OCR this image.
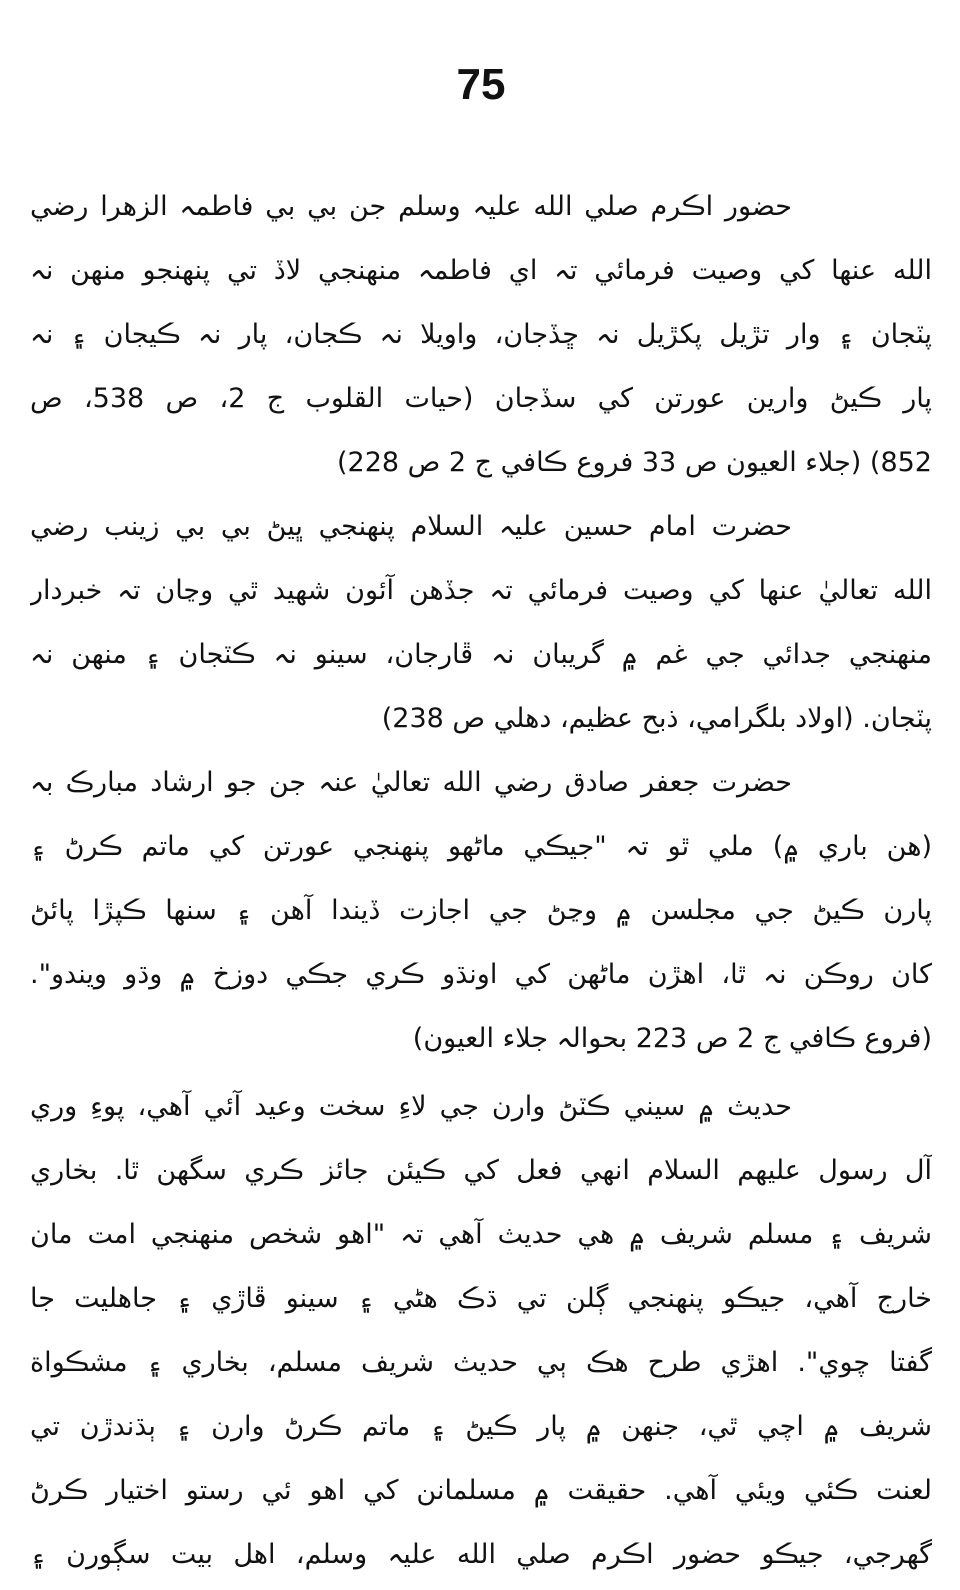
75
حضور اڪرم صلي الله عليہ وسلم جن بي بي فاطمہ الزهرا رضي
الله عنها کي وصيت فرمائي تہ اي فاطمہ منهنجي لاڏ تي پنهنجو منهن نہ
پٽجان ۽ وار تڙيل پکڙيل نہ ڇڏجان، واويلا نہ ڪجان، پار نہ ڪيجان ۽ نہ
پار ڪيڻ وارين عورتن کي سڏجان (حيات القلوب ج 2، ص 538، ص
852) (جلاء العيون ص 33 فروع ڪافي ج 2 ص 228)
حضرت امام حسين عليہ السلام پنهنجي ڀيڻ بي بي زينب رضي
الله تعاليٰ عنها کي وصيت فرمائي تہ جڏهن آئون شهيد ٿي وڃان تہ خبردار
منهنجي جدائي جي غم ۾ گريبان نہ ڦارجان، سينو نہ ڪٽجان ۽ منهن نہ
پٽجان. (اولاد بلگرامي، ذبح عظيم، دهلي ص 238)
حضرت جعفر صادق رضي الله تعاليٰ عنہ جن جو ارشاد مبارڪ بہ
(هن باري ۾) ملي ٿو تہ "جيڪي ماڻهو پنهنجي عورتن کي ماتم ڪرڻ ۽
پارن ڪيڻ جي مجلسن ۾ وڃڻ جي اجازت ڏيندا آهن ۽ سنها ڪپڙا پائڻ
کان روڪن نہ ٿا، اهڙن ماڻهن کي اونڌو ڪري جڪي دوزخ ۾ وڌو ويندو".
(فروع ڪافي ج 2 ص 223 بحوالہ جلاء العيون)
حديث ۾ سيني ڪٽڻ وارن جي لاءِ سخت وعيد آئي آهي، پوءِ وري
آل رسول عليهم السلام انهي فعل کي ڪيئن جائز ڪري سگهن ٿا. بخاري
شريف ۽ مسلم شريف ۾ هي حديث آهي تہ "اهو شخص منهنجي امت مان
خارج آهي، جيڪو پنهنجي ڳلن تي ڌڪ هڻي ۽ سينو ڦاڙي ۽ جاهليت جا
گفتا چوي". اهڙي طرح هڪ ٻي حديث شريف مسلم، بخاري ۽ مشڪواة
شريف ۾ اچي ٿي، جنهن ۾ پار ڪيڻ ۽ ماتم ڪرڻ وارن ۽ ٻڌندڙن تي
لعنت ڪئي ويئي آهي. حقيقت ۾ مسلمانن کي اهو ئي رستو اختيار ڪرڻ
گهرجي، جيڪو حضور اڪرم صلي الله عليہ وسلم، اهل بيت سڳورن ۽
